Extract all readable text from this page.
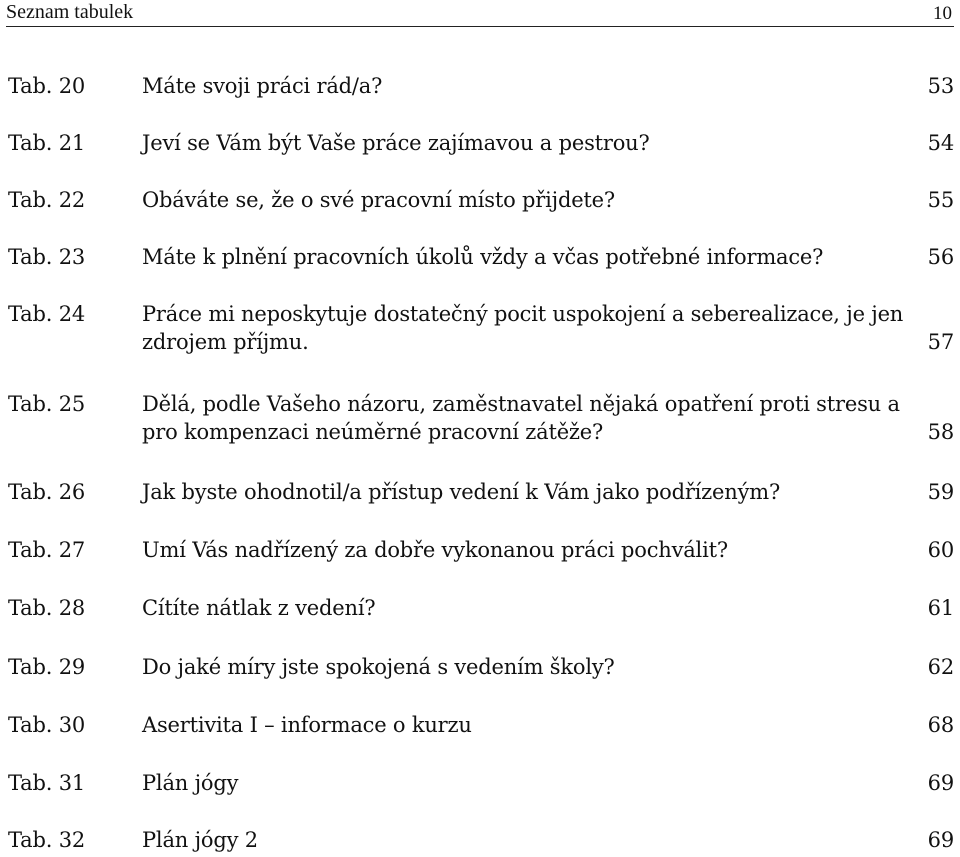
Seznam tabulek	10
Tab. 20	Máte svoji práci rád/a?	53
Tab. 21	Jeví se Vám být Vaše práce zajímavou a pestrou?	54
Tab. 22	Obáváte se, že o své pracovní místo přijdete?	55
Tab. 23	Máte k plnění pracovních úkolů vždy a včas potřebné informace?	56
Tab. 24	Práce mi neposkytuje dostatečný pocit uspokojení a seberealizace, je jen zdrojem příjmu.	57
Tab. 25	Dělá, podle Vašeho názoru, zaměstnavatel nějaká opatření proti stresu a pro kompenzaci neúměrné pracovní zátěže?	58
Tab. 26	Jak byste ohodnotil/a přístup vedení k Vám jako podřízeným?	59
Tab. 27	Umí Vás nadřízený za dobře vykonanou práci pochválit?	60
Tab. 28	Cítíte nátlak z vedení?	61
Tab. 29	Do jaké míry jste spokojená s vedením školy?	62
Tab. 30	Asertivita I – informace o kurzu	68
Tab. 31	Plán jógy	69
Tab. 32	Plán jógy 2	69
